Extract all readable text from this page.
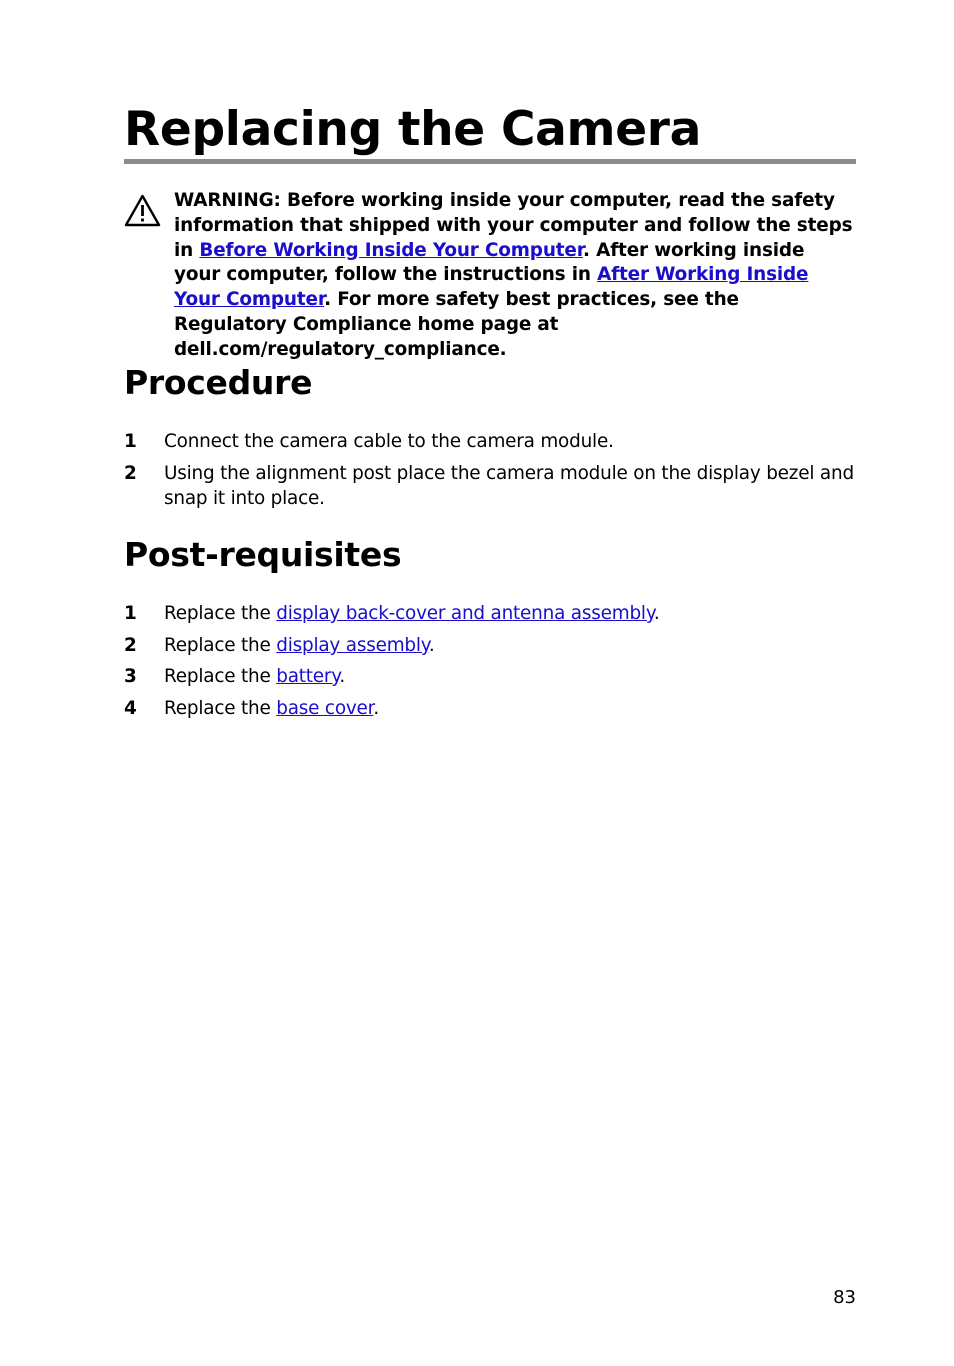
Replacing the Camera

WARNING: Before working inside your computer, read the safety information that shipped with your computer and follow the steps in Before Working Inside Your Computer. After working inside your computer, follow the instructions in After Working Inside Your Computer. For more safety best practices, see the Regulatory Compliance home page at dell.com/regulatory_compliance.

Procedure
1 Connect the camera cable to the camera module.
2 Using the alignment post place the camera module on the display bezel and snap it into place.
Post-requisites
1 Replace the display back-cover and antenna assembly.
2 Replace the display assembly.
3 Replace the battery.
4 Replace the base cover.
83
